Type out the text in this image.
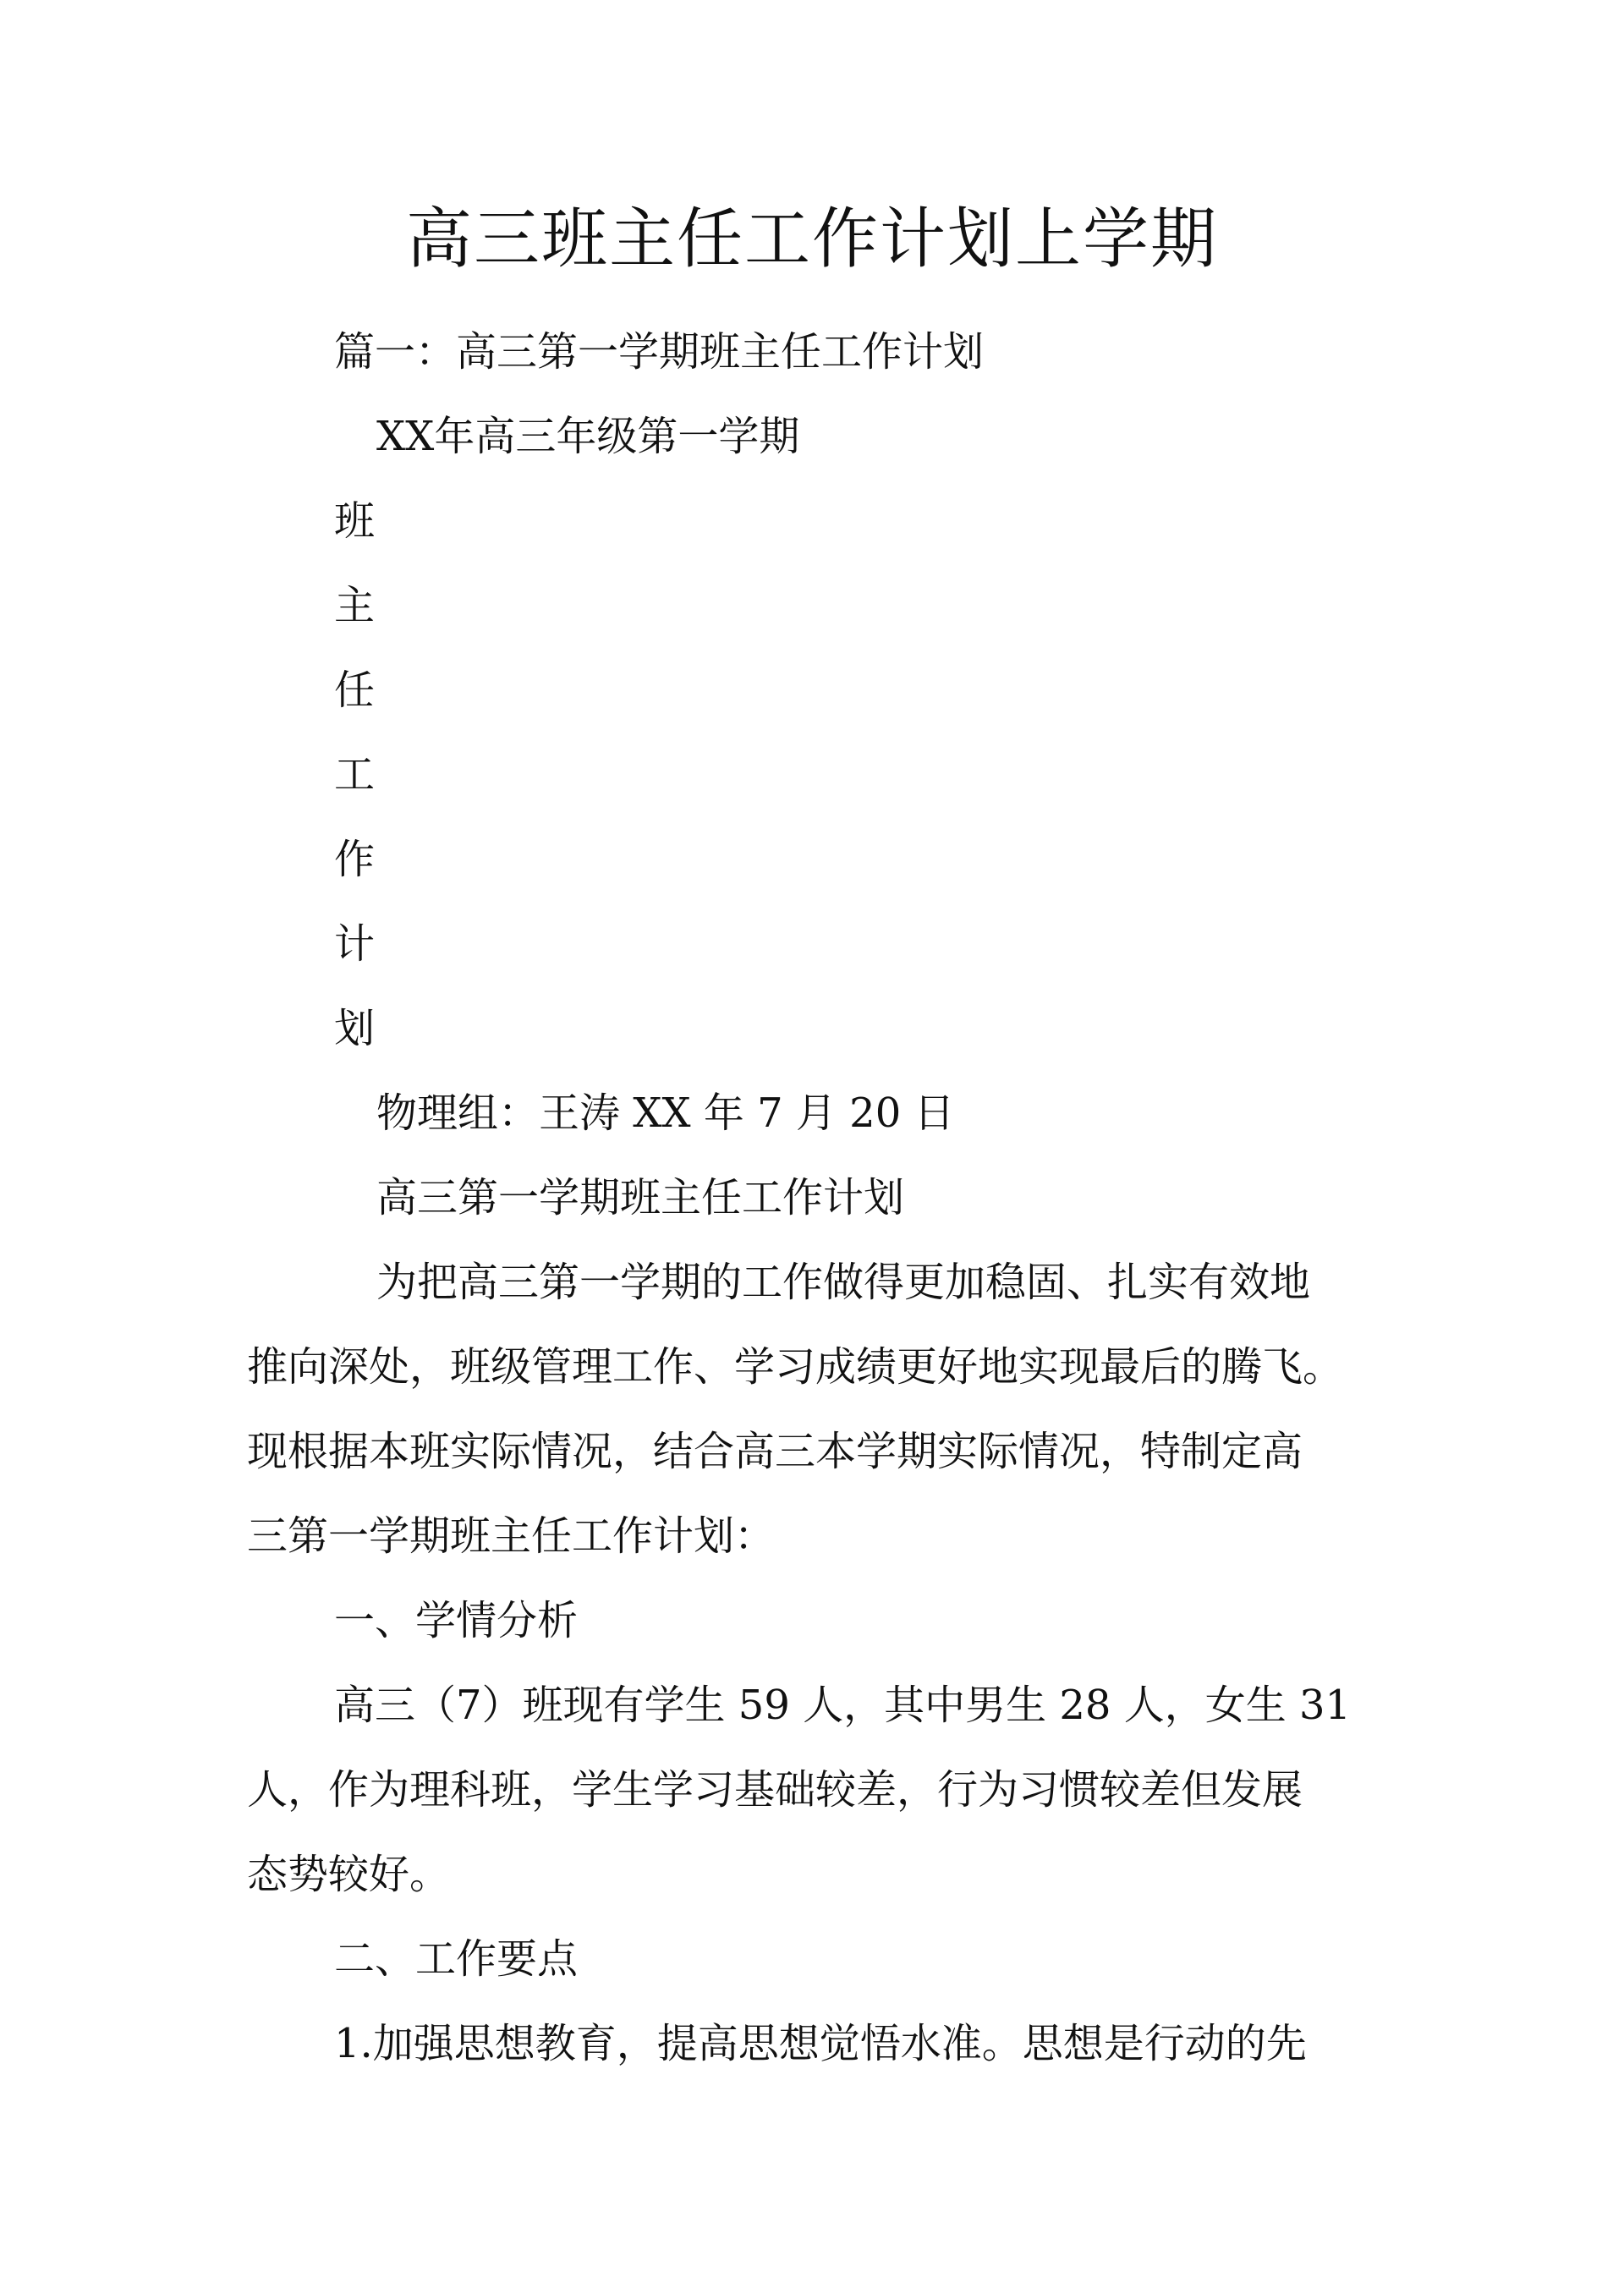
高三班主任工作计划上学期
篇一：高三第一学期班主任工作计划
XX年高三年级第一学期
班
主
任
工
作
计
划
物理组：王涛 XX 年 7 月 20 日
高三第一学期班主任工作计划
为把高三第一学期的工作做得更加稳固、扎实有效地
推向深处，班级管理工作、学习成绩更好地实现最后的腾飞。
现根据本班实际情况，结合高三本学期实际情况，特制定高
三第一学期班主任工作计划：
一、学情分析
高三（7）班现有学生 59 人，其中男生 28 人，女生 31
人，作为理科班，学生学习基础较差，行为习惯较差但发展
态势较好。
二、工作要点
1.加强思想教育，提高思想觉悟水准。思想是行动的先
